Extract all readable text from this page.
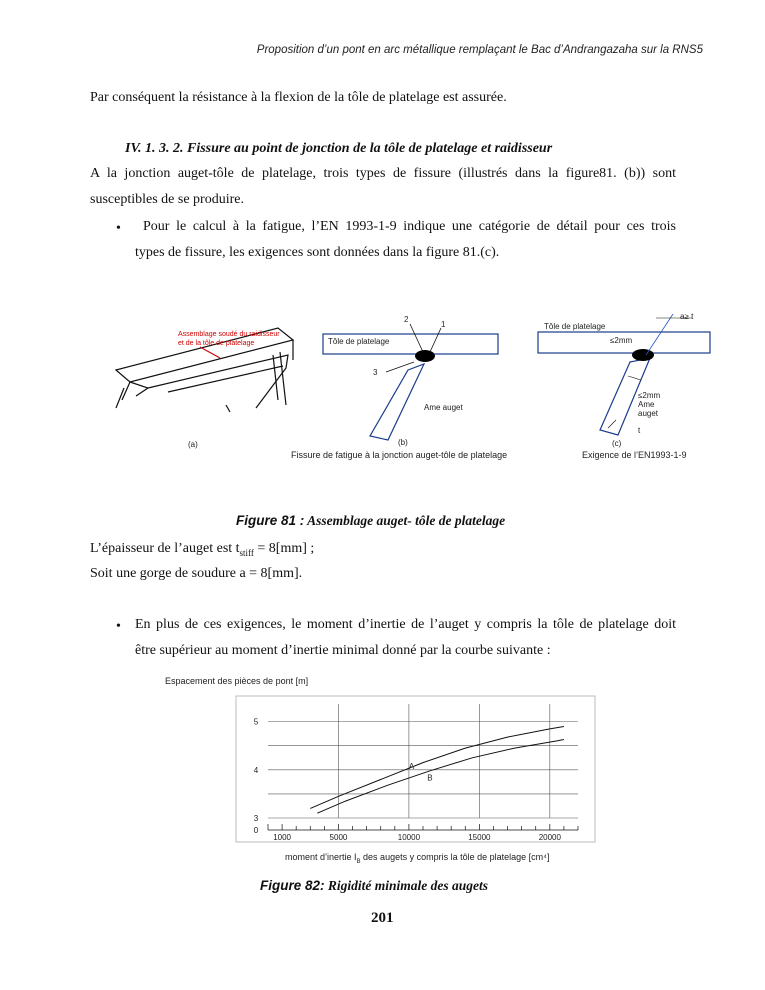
Proposition d’un pont en arc métallique remplaçant le Bac d’Andrangazaha sur la RNS5
Par conséquent la résistance à la flexion de la tôle de platelage est assurée.
IV. 1. 3. 2. Fissure au point de jonction de la tôle de platelage et raidisseur
A la jonction auget-tôle de platelage, trois types de fissure (illustrés dans la figure81. (b)) sont
susceptibles de se produire.
• Pour le calcul à la fatigue, l’EN 1993-1-9 indique une catégorie de détail pour ces trois
types de fissure, les exigences sont données dans la figure 81.(c).
Assemblage soudé du raidisseur
et de la tôle de platelage
(a)
Tôle de platelage
2
1
3
Ame auget
(b)
Fissure de fatigue à la jonction auget-tôle de platelage
Tôle de platelage
a≥ t
≤2mm
≤2mm
Ame
auget
t
(c)
Exigence de l’EN1993-1-9
Figure 81 : Assemblage auget- tôle de platelage
L’épaisseur de l’auget est $t_{stiff} = 8[mm]$ ;
Soit une gorge de soudure a = 8[mm].
• En plus de ces exigences, le moment d’inertie de l’auget y compris la tôle de platelage doit
être supérieur au moment d’inertie minimal donné par la courbe suivante :
Espacement des pièces de pont [m]
1000	5000	10000	15000	20000
0
3
4
5
A
B
moment d’inertie $I_B$ des augets y compris la tôle de platelage [cm⁴]
Figure 82: Rigidité minimale des augets
201
